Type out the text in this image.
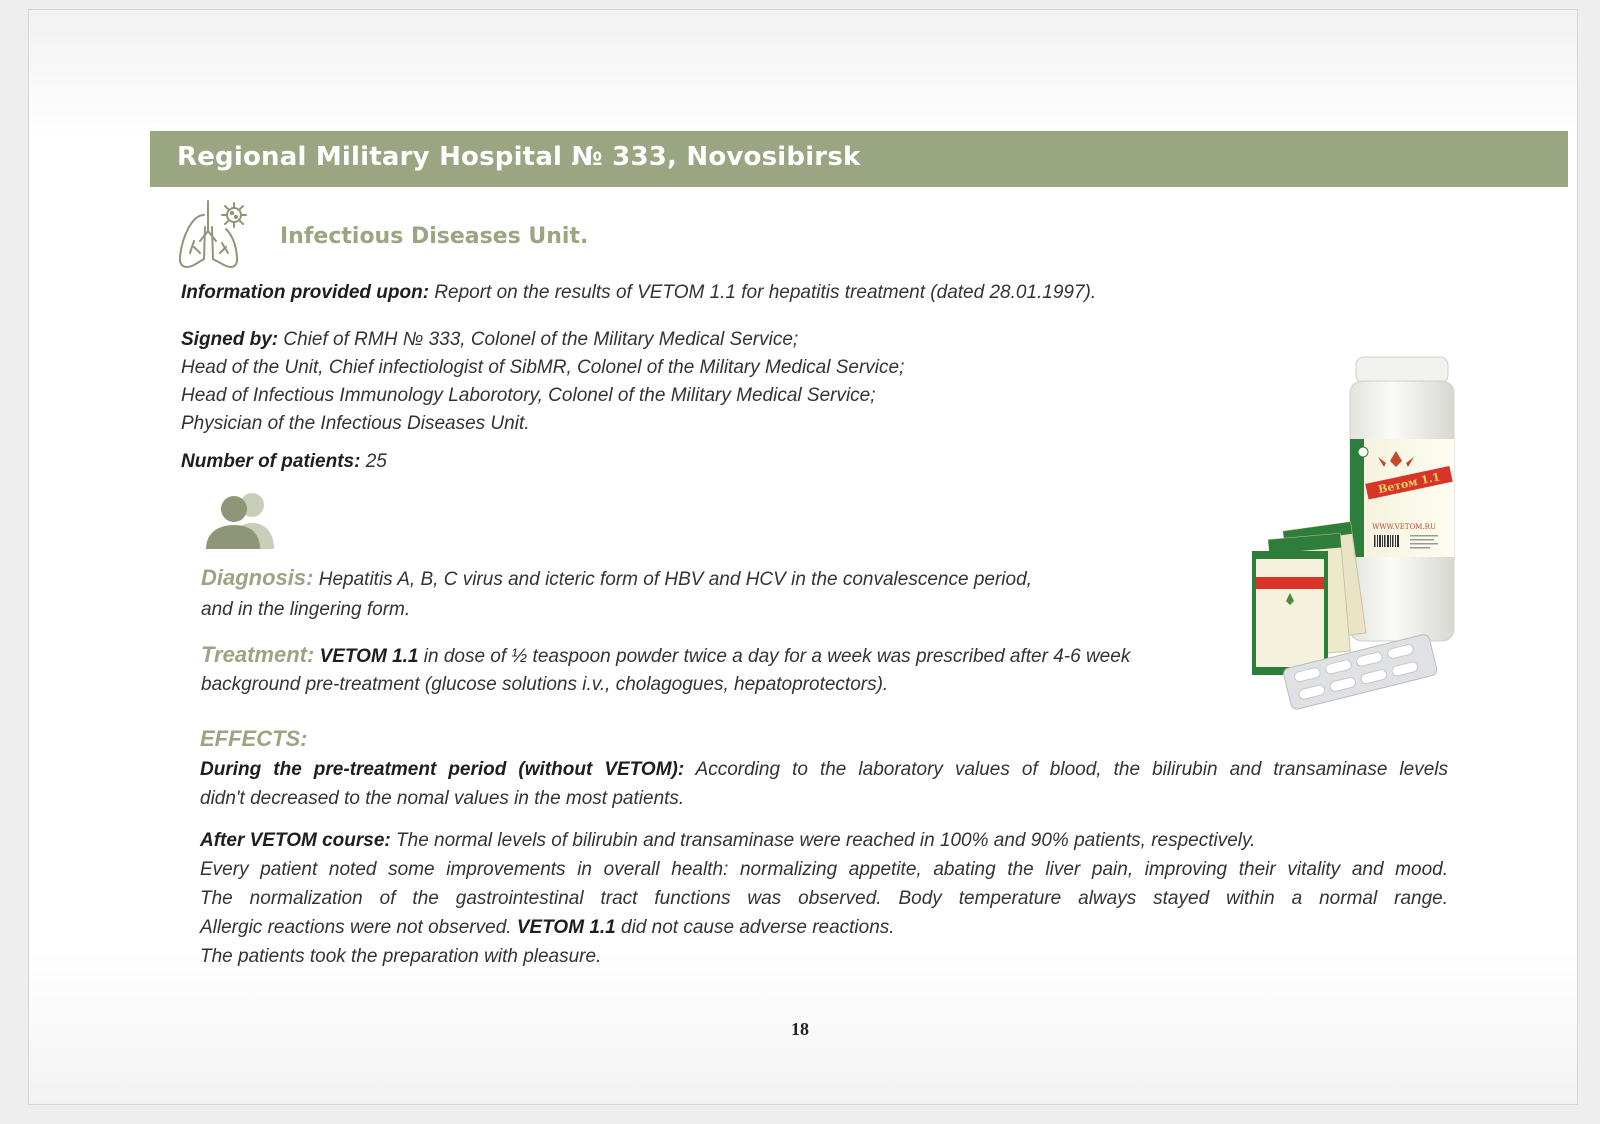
Regional Military Hospital № 333, Novosibirsk
Infectious Diseases Unit.
Information provided upon: Report on the results of VETOM 1.1 for hepatitis treatment (dated 28.01.1997).
Signed by: Chief of RMH № 333, Colonel of the Military Medical Service;
Head of the Unit, Chief infectiologist of SibMR, Colonel of the Military Medical Service;
Head of Infectious Immunology Laborotory, Colonel of the Military Medical Service;
Physician of the Infectious Diseases Unit.
Number of patients: 25
Diagnosis: Hepatitis A, B, C virus and icteric form of HBV and HCV in the convalescence period,
and in the lingering form.
Treatment: VETOM 1.1 in dose of ½ teaspoon powder twice a day for a week was prescribed after 4-6 week
background pre-treatment (glucose solutions i.v., cholagogues, hepatoprotectors).
EFFECTS:
During the pre-treatment period (without VETOM): According to the laboratory values of blood, the bilirubin and transaminase levels
didn't decreased to the nomal values in the most patients.
After VETOM course: The normal levels of bilirubin and transaminase were reached in 100% and 90% patients, respectively.
Every patient noted some improvements in overall health: normalizing appetite, abating the liver pain, improving their vitality and mood.
The normalization of the gastrointestinal tract functions was observed. Body temperature always stayed within a normal range.
Allergic reactions were not observed. VETOM 1.1 did not cause adverse reactions.
The patients took the preparation with pleasure.
Ветом 1.1
WWW.VETOM.RU
18
